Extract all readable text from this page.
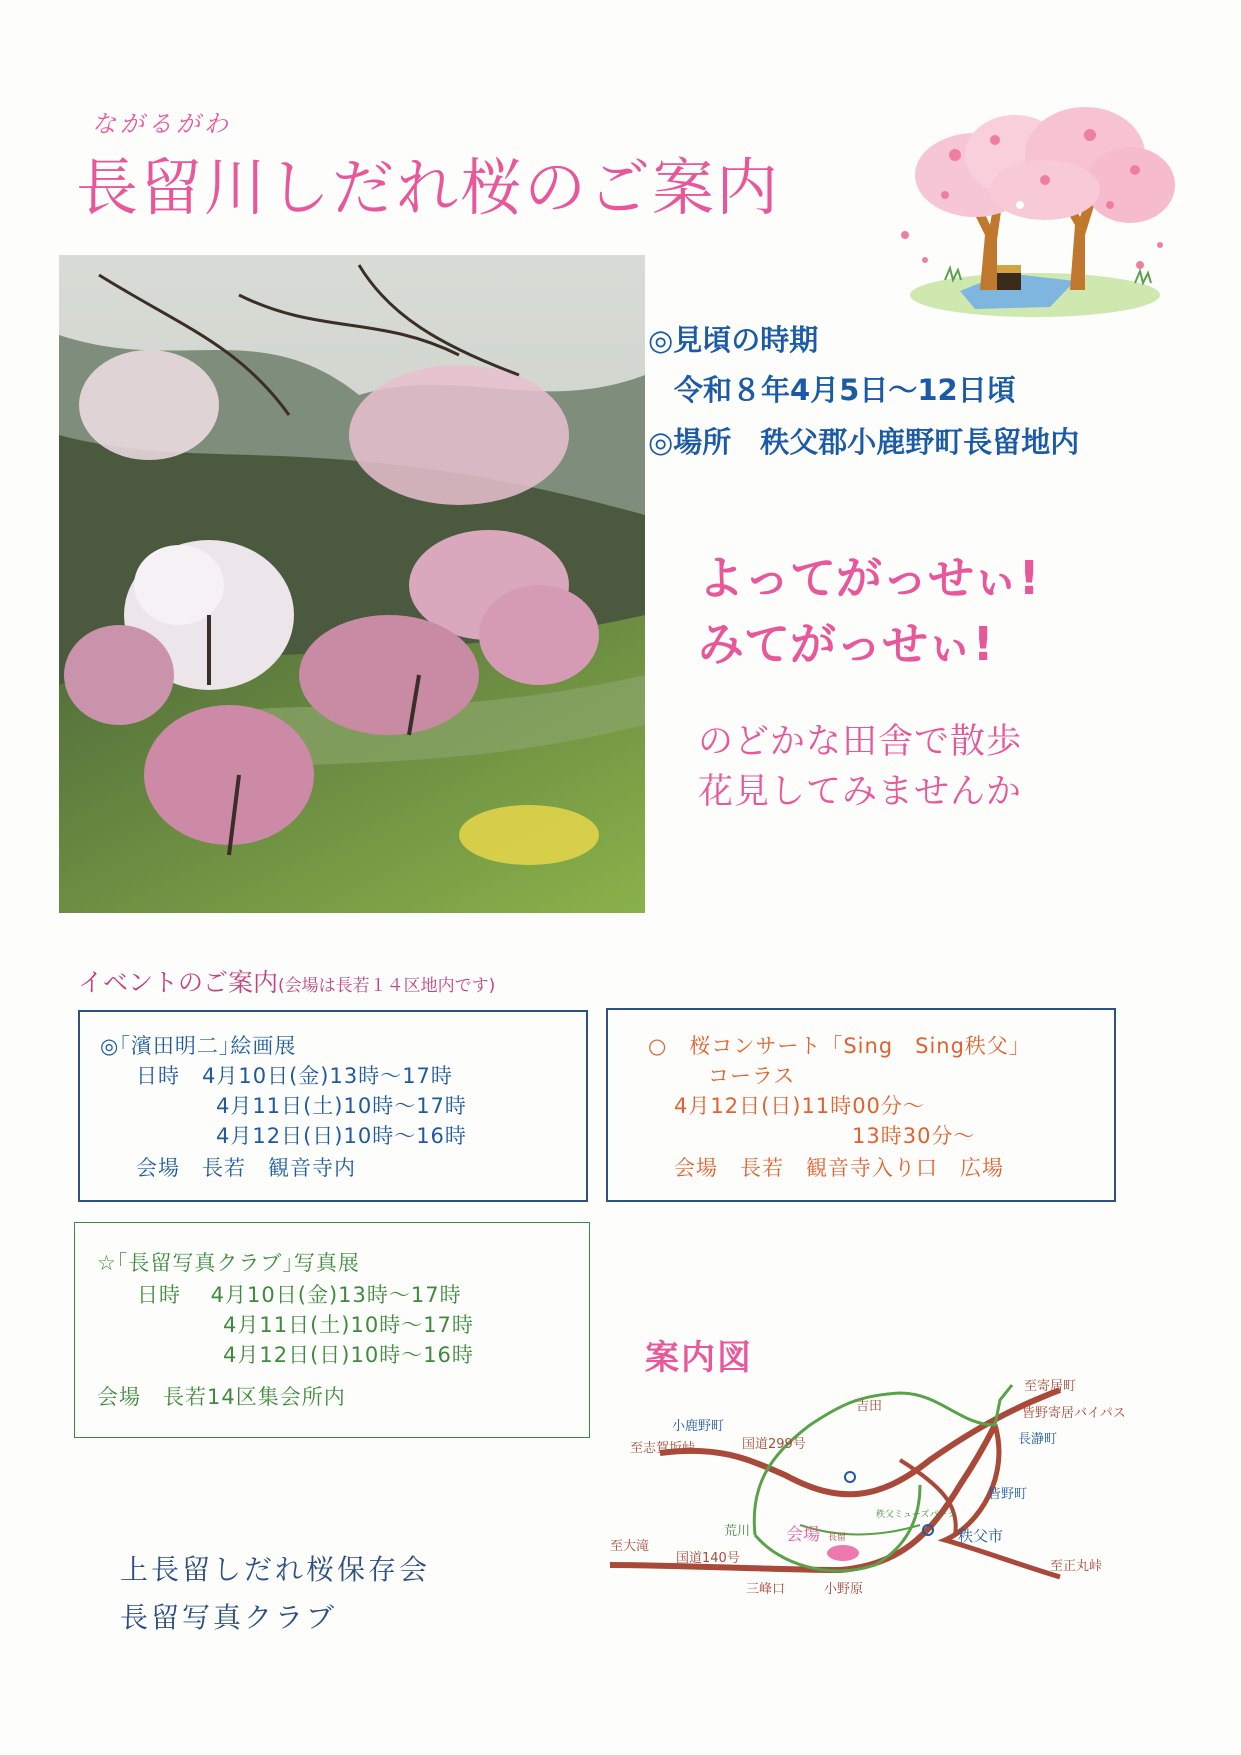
ながるがわ
長留川しだれ桜のご案内
◎見頃の時期
令和８年4月5日～12日頃
◎場所　秩父郡小鹿野町長留地内
よってがっせぃ!
みてがっせぃ!
のどかな田舎で散歩
花見してみませんか
イベントのご案内(会場は長若１４区地内です)
◎｢濱田明二｣絵画展
日時　4月10日(金)13時～17時
4月11日(土)10時～17時
4月12日(日)10時～16時
会場　長若　観音寺内
○　桜コンサート「Sing　Sing秩父」
コーラス
4月12日(日)11時00分～
13時30分～
会場　長若　観音寺入り口　広場
☆｢長留写真クラブ｣写真展
日時　 4月10日(金)13時～17時
4月11日(土)10時～17時
4月12日(日)10時～16時
会場　長若14区集会所内
案内図
吉田
至寄居町
皆野寄居バイパス
長瀞町
小鹿野町
至志賀坂峠	国道299号
皆野町
秩父ミューズパーク
秩父市
荒川 会場 長留
至大滝
国道140号
至正丸峠
三峰口	小野原
上長留しだれ桜保存会
長留写真クラブ
